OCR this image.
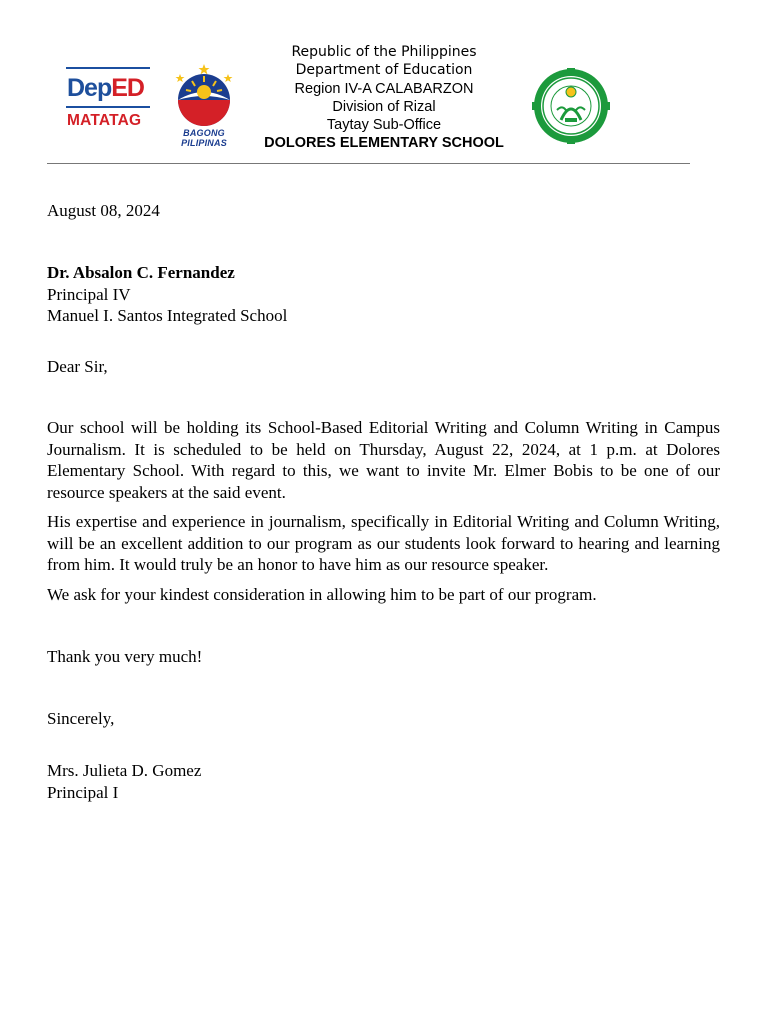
DepED
MATATAG
BAGONG PILIPINAS
Republic of the Philippines
Department of Education
Region IV-A CALABARZON
Division of Rizal
Taytay Sub-Office
DOLORES ELEMENTARY SCHOOL
August 08, 2024
Dr. Absalon C. Fernandez
Principal IV
Manuel I. Santos Integrated School
Dear Sir,

Our school will be holding its School-Based Editorial Writing and Column Writing in Campus Journalism. It is scheduled to be held on Thursday, August 22, 2024, at 1 p.m. at Dolores Elementary School. With regard to this, we want to invite Mr. Elmer Bobis to be one of our resource speakers at the said event.

His expertise and experience in journalism, specifically in Editorial Writing and Column Writing, will be an excellent addition to our program as our students look forward to hearing and learning from him. It would truly be an honor to have him as our resource speaker.

We ask for your kindest consideration in allowing him to be part of our program.

Thank you very much!
Sincerely,
Mrs. Julieta D. Gomez
Principal I
